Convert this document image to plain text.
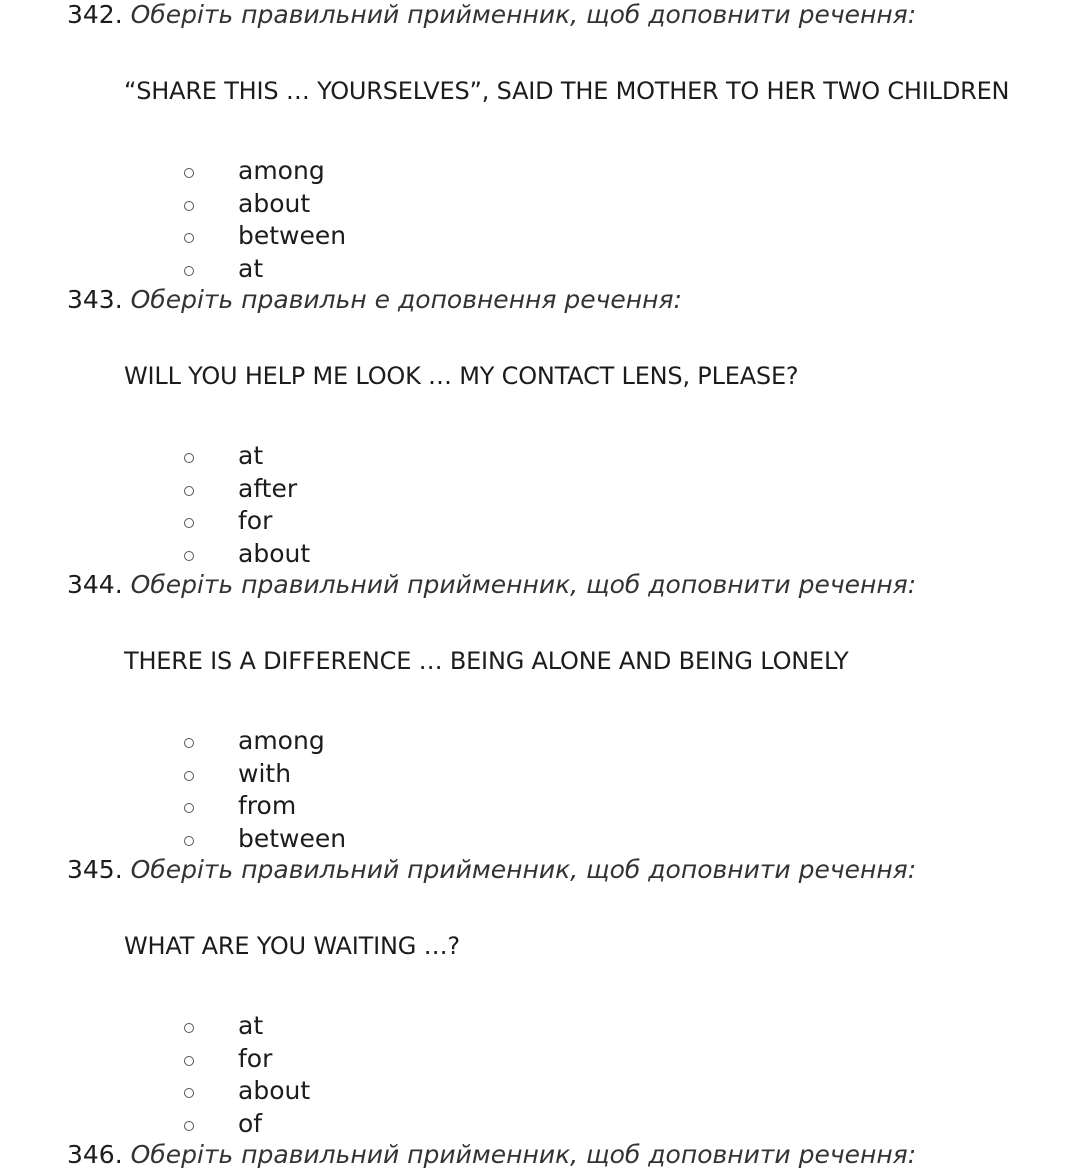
342. Оберіть правильний прийменник, щоб доповнити речення:
“SHARE THIS … YOURSELVES”, SAID THE MOTHER TO HER TWO CHILDREN
among
about
between
at
343. Оберіть правильн е доповнення речення:
WILL YOU HELP ME LOOK … MY CONTACT LENS, PLEASE?
at
after
for
about
344. Оберіть правильний прийменник, щоб доповнити речення:
THERE IS A DIFFERENCE … BEING ALONE AND BEING LONELY
among
with
from
between
345. Оберіть правильний прийменник, щоб доповнити речення:
WHAT ARE YOU WAITING …?
at
for
about
of
346. Оберіть правильний прийменник, щоб доповнити речення:
